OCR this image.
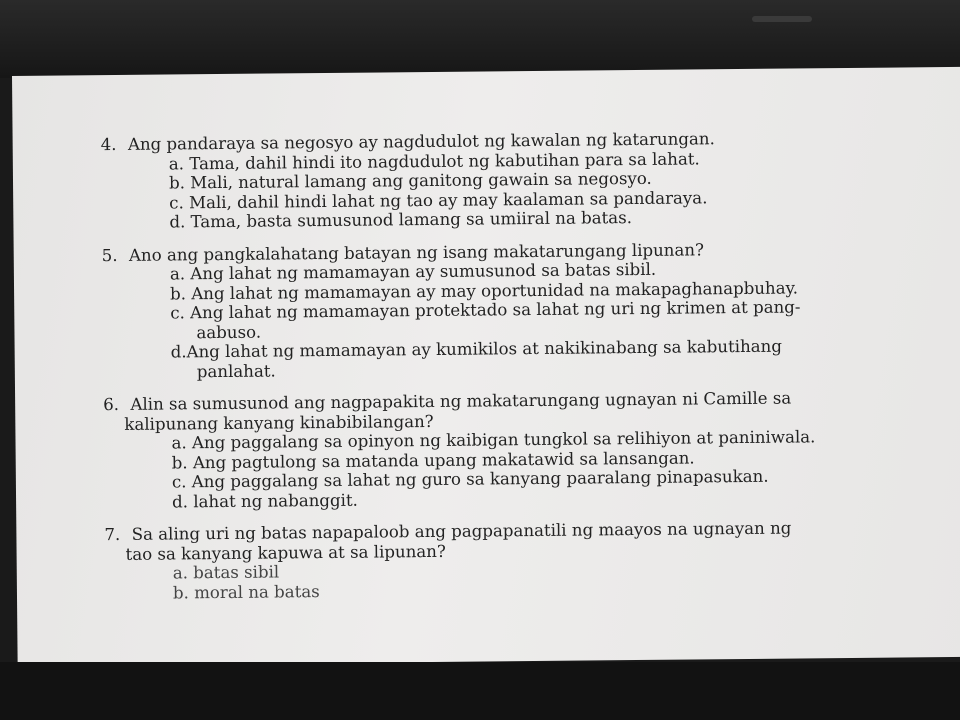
4. Ang pandaraya sa negosyo ay nagdudulot ng kawalan ng katarungan.

a. Tama, dahil hindi ito nagdudulot ng kabutihan para sa lahat.

b. Mali, natural lamang ang ganitong gawain sa negosyo.

c. Mali, dahil hindi lahat ng tao ay may kaalaman sa pandaraya.

d. Tama, basta sumusunod lamang sa umiiral na batas.

5. Ano ang pangkalahatang batayan ng isang makatarungang lipunan?

a. Ang lahat ng mamamayan ay sumusunod sa batas sibil.

b. Ang lahat ng mamamayan ay may oportunidad na makapaghanapbuhay.

c. Ang lahat ng mamamayan protektado sa lahat ng uri ng krimen at pang-
aabuso.

d.Ang lahat ng mamamayan ay kumikilos at nakikinabang sa kabutihang
panlahat.

6. Alin sa sumusunod ang nagpapakita ng makatarungang ugnayan ni Camille sa
kalipunang kanyang kinabibilangan?

a. Ang paggalang sa opinyon ng kaibigan tungkol sa relihiyon at paniniwala.

b. Ang pagtulong sa matanda upang makatawid sa lansangan.

c. Ang paggalang sa lahat ng guro sa kanyang paaralang pinapasukan.

d. lahat ng nabanggit.

7. Sa aling uri ng batas napapaloob ang pagpapanatili ng maayos na ugnayan ng
tao sa kanyang kapuwa at sa lipunan?

a. batas sibil

b. moral na batas
